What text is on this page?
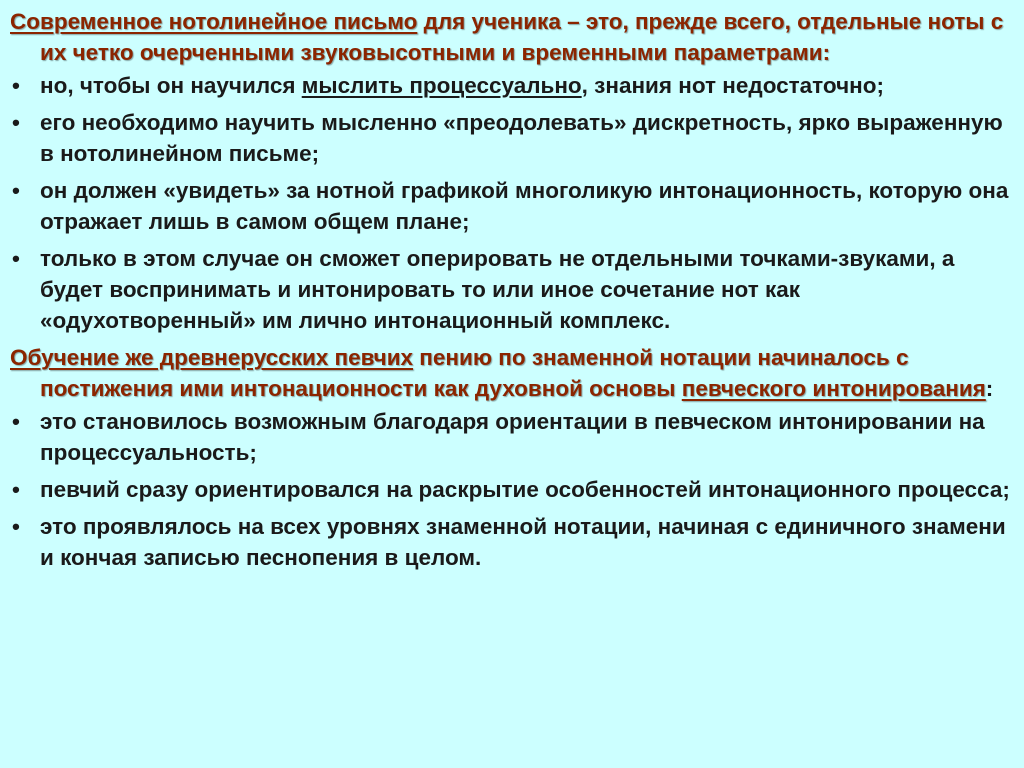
Современное нотолинейное письмо для ученика – это, прежде всего, отдельные ноты с их четко очерченными звуковысотными и временными параметрами:

• но, чтобы он научился мыслить процессуально, знания нот недостаточно;
• его необходимо научить мысленно «преодолевать» дискретность, ярко выраженную в нотолинейном письме;
• он должен «увидеть» за нотной графикой многоликую интонационность, которую она отражает лишь в самом общем плане;
• только в этом случае он сможет оперировать не отдельными точками-звуками, а будет воспринимать и интонировать то или иное сочетание нот как «одухотворенный» им лично интонационный комплекс.

Обучение же древнерусских певчих пению по знаменной нотации начиналось с постижения ими интонационности как духовной основы певческого интонирования:

• это становилось возможным благодаря ориентации в певческом интонировании на процессуальность;
• певчий сразу ориентировался на раскрытие особенностей интонационного процесса;
• это проявлялось на всех уровнях знаменной нотации, начиная с единичного знамени и кончая записью песнопения в целом.
